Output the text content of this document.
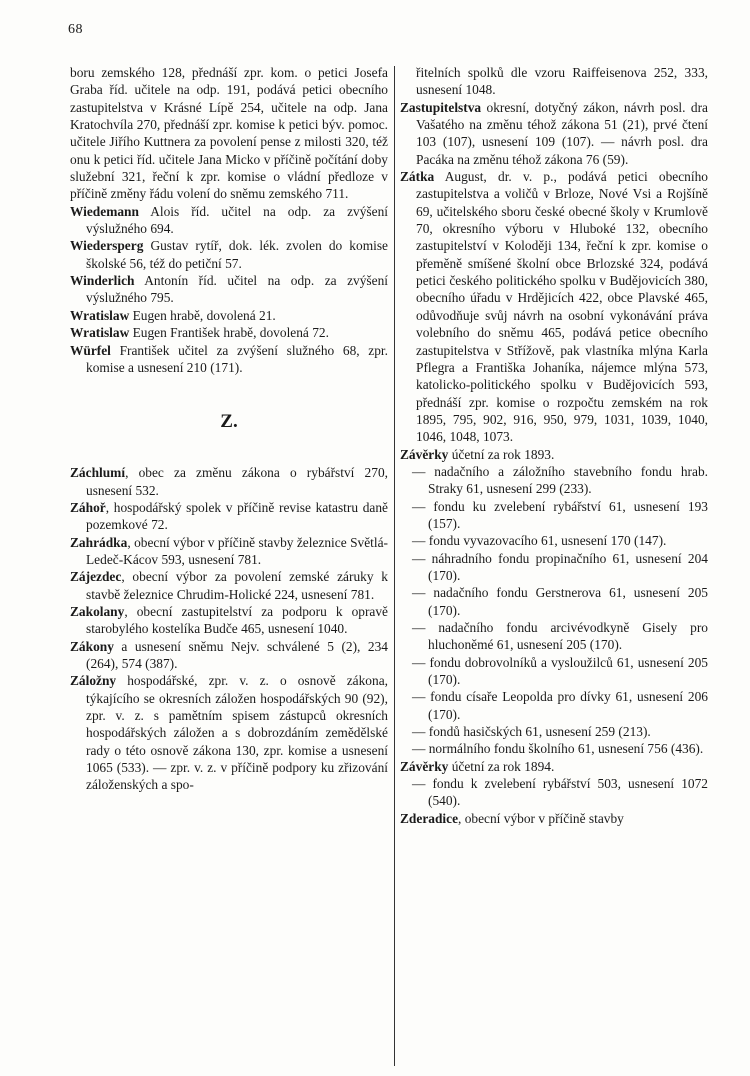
68

boru zemského 128, přednáší zpr. kom. o petici Josefa Graba říd. učitele na odp. 191, podává petici obecního zastupitelstva v Krásné Lípě 254, učitele na odp. Jana Kratochvíla 270, přednáší zpr. komise k petici býv. pomoc. učitele Jiřího Kuttnera za povolení pense z milosti 320, též onu k petici říd. učitele Jana Micko v příčině počítání doby služební 321, řeční k zpr. komise o vládní předloze v příčině změny řádu volení do sněmu zemského 711.

Wiedemann Alois říd. učitel na odp. za zvýšení výslužného 694.

Wiedersperg Gustav rytíř, dok. lék. zvolen do komise školské 56, též do petiční 57.

Winderlich Antonín říd. učitel na odp. za zvýšení výslužného 795.

Wratislaw Eugen hrabě, dovolená 21.

Wratislaw Eugen František hrabě, dovolená 72.

Würfel František učitel za zvýšení služného 68, zpr. komise a usnesení 210 (171).

Z.

Záchlumí, obec za změnu zákona o rybářství 270, usnesení 532.

Záhoř, hospodářský spolek v příčině revise katastru daně pozemkové 72.

Zahrádka, obecní výbor v příčině stavby železnice Světlá-Ledeč-Kácov 593, usnesení 781.

Zájezdec, obecní výbor za povolení zemské záruky k stavbě železnice Chrudim-Holické 224, usnesení 781.

Zakolany, obecní zastupitelství za podporu k opravě starobylého kostelíka Budče 465, usnesení 1040.

Zákony a usnesení sněmu Nejv. schválené 5 (2), 234 (264), 574 (387).

Záložny hospodářské, zpr. v. z. o osnově zákona, týkajícího se okresních záložen hospodářských 90 (92), zpr. v. z. s pamětním spisem zástupců okresních hospodářských záložen a s dobrozdáním zemědělské rady o této osnově zákona 130, zpr. komise a usnesení 1065 (533). — zpr. v. z. v příčině podpory ku zřizování záloženských a spo-

řitelních spolků dle vzoru Raiffeisenova 252, 333, usnesení 1048.

Zastupitelstva okresní, dotyčný zákon, návrh posl. dra Vašatého na změnu téhož zákona 51 (21), prvé čtení 103 (107), usnesení 109 (107). — návrh posl. dra Pacáka na změnu téhož zákona 76 (59).

Zátka August, dr. v. p., podává petici obecního zastupitelstva a voličů v Brloze, Nové Vsi a Rojšíně 69, učitelského sboru české obecné školy v Krumlově 70, okresního výboru v Hluboké 132, obecního zastupitelství v Koloději 134, řeční k zpr. komise o přeměně smíšené školní obce Brlozské 324, podává petici českého politického spolku v Budějovicích 380, obecního úřadu v Hrdějicích 422, obce Plavské 465, odůvodňuje svůj návrh na osobní vykonávání práva volebního do sněmu 465, podává petice obecního zastupitelstva v Střížově, pak vlastníka mlýna Karla Pflegra a Františka Johaníka, nájemce mlýna 573, katolicko-politického spolku v Budějovicích 593, přednáší zpr. komise o rozpočtu zemském na rok 1895, 795, 902, 916, 950, 979, 1031, 1039, 1040, 1046, 1048, 1073.

Závěrky účetní za rok 1893.

— nadačního a záložního stavebního fondu hrab. Straky 61, usnesení 299 (233).

— fondu ku zvelebení rybářství 61, usnesení 193 (157).

— fondu vyvazovacího 61, usnesení 170 (147).

— náhradního fondu propinačního 61, usnesení 204 (170).

— nadačního fondu Gerstnerova 61, usnesení 205 (170).

— nadačního fondu arcivévodkyně Gisely pro hluchoněmé 61, usnesení 205 (170).

— fondu dobrovolníků a vysloužilců 61, usnesení 205 (170).

— fondu císaře Leopolda pro dívky 61, usnesení 206 (170).

— fondů hasičských 61, usnesení 259 (213).

— normálního fondu školního 61, usnesení 756 (436).

Závěrky účetní za rok 1894.

— fondu k zvelebení rybářství 503, usnesení 1072 (540).

Zderadice, obecní výbor v příčině stavby
